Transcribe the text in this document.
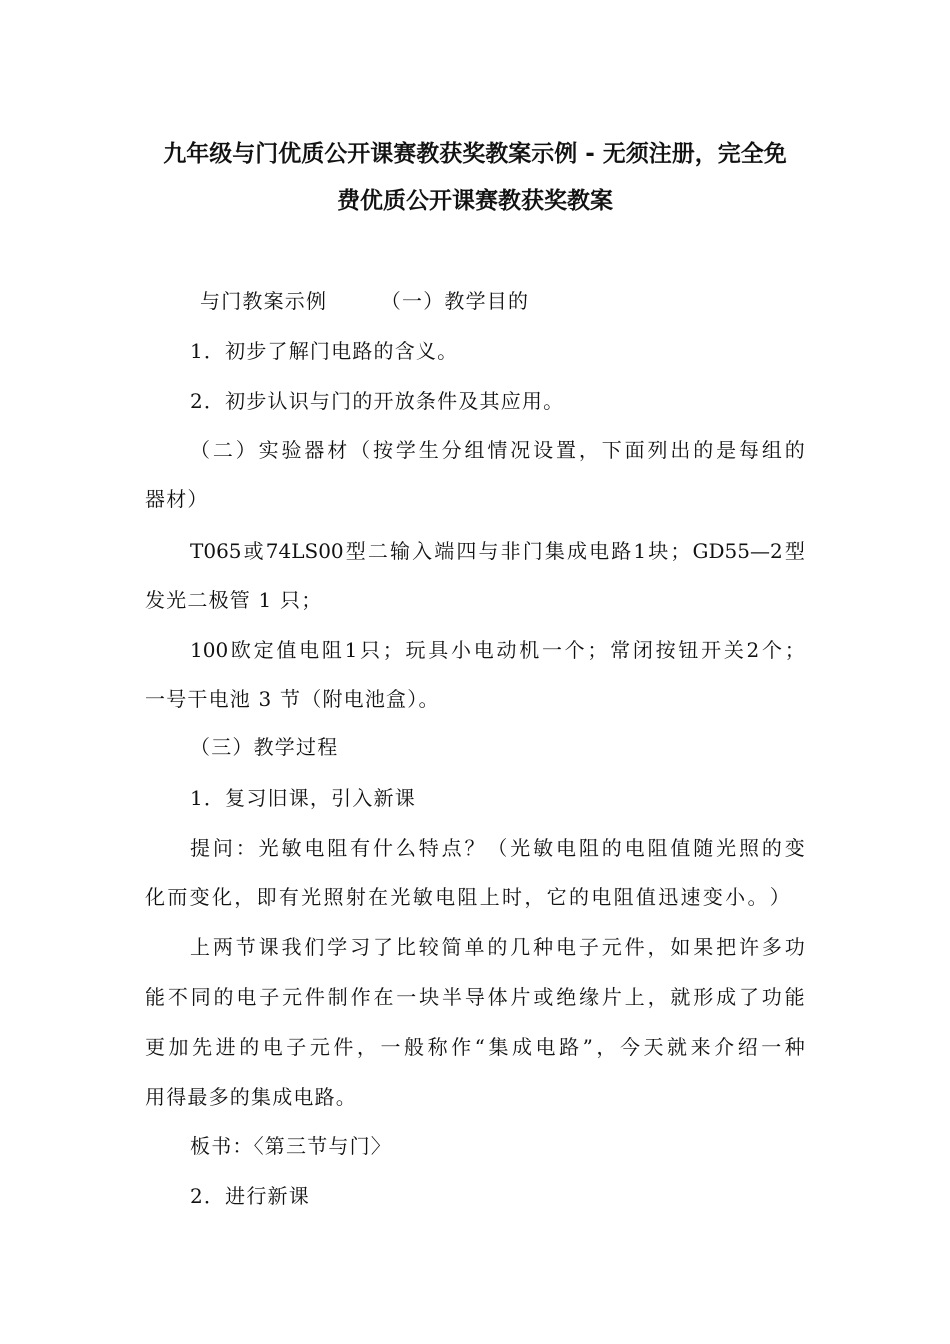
九年级与门优质公开课赛教获奖教案示例 - 无须注册，完全免
费优质公开课赛教获奖教案
与门教案示例　　　（一）教学目的
1．初步了解门电路的含义。
2．初步认识与门的开放条件及其应用。
（ 二 ） 实 验 器 材 （ 按 学 生 分 组 情 况 设 置 ， 下 面 列 出 的 是 每 组 的
器材）
T065 或 74LS00 型 二 输 入 端 四 与 非 门 集 成 电 路 1 块 ； GD55—2 型
发光二极管 1 只；
100 欧 定 值 电 阻 1 只 ； 玩 具 小 电 动 机 一 个 ； 常 闭 按 钮 开 关 2 个 ；
一号干电池 3 节（附电池盒）。
（三）教学过程
1．复习旧课，引入新课
提 问 ： 光 敏 电 阻 有 什 么 特 点 ？ （ 光 敏 电 阻 的 电 阻 值 随 光 照 的 变
化 而 变 化 ， 即 有 光 照 射 在 光 敏 电 阻 上 时 ， 它 的 电 阻 值 迅 速 变 小 。 ）
上 两 节 课 我 们 学 习 了 比 较 简 单 的 几 种 电 子 元 件 ， 如 果 把 许 多 功
能 不 同 的 电 子 元 件 制 作 在 一 块 半 导 体 片 或 绝 缘 片 上 ， 就 形 成 了 功 能
更 加 先 进 的 电 子 元 件 ， 一 般 称 作 “ 集 成 电 路 ” ， 今 天 就 来 介 绍 一 种
用得最多的集成电路。
板书：〈第三节与门〉
2．进行新课
